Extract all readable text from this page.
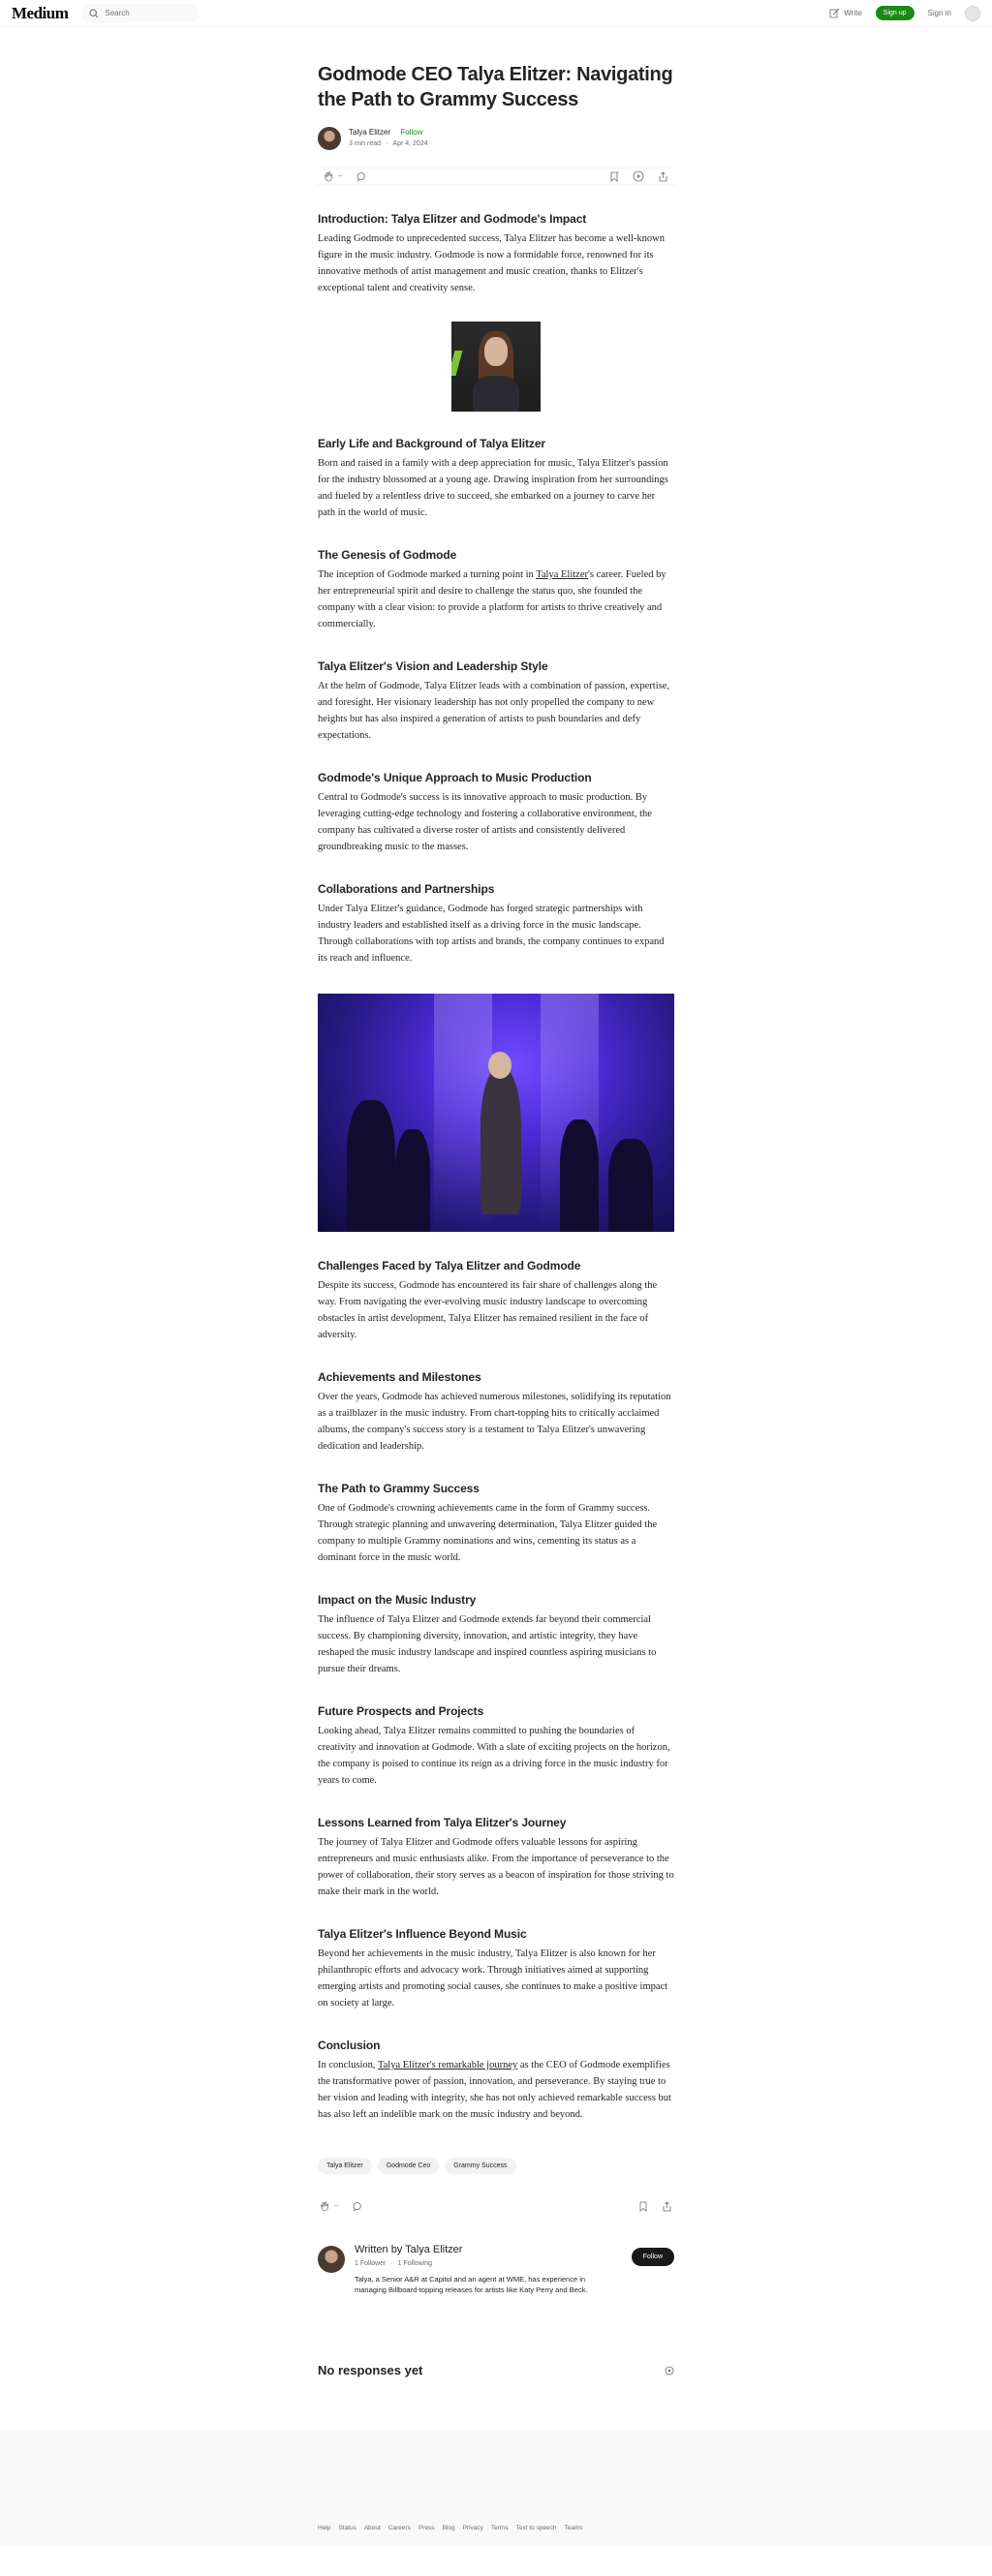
Medium
Search	Write	Sign up	Sign in
Godmode CEO Talya Elitzer: Navigating the Path to Grammy Success
Talya Elitzer Follow
3 min read · Apr 4, 2024
--
Introduction: Talya Elitzer and Godmode's Impact

Leading Godmode to unprecedented success, Talya Elitzer has become a well-known figure in the music industry. Godmode is now a formidable force, renowned for its innovative methods of artist management and music creation, thanks to Elitzer's exceptional talent and creativity sense.

Early Life and Background of Talya Elitzer

Born and raised in a family with a deep appreciation for music, Talya Elitzer's passion for the industry blossomed at a young age. Drawing inspiration from her surroundings and fueled by a relentless drive to succeed, she embarked on a journey to carve her path in the world of music.

The Genesis of Godmode

The inception of Godmode marked a turning point in Talya Elitzer's career. Fueled by her entrepreneurial spirit and desire to challenge the status quo, she founded the company with a clear vision: to provide a platform for artists to thrive creatively and commercially.

Talya Elitzer's Vision and Leadership Style

At the helm of Godmode, Talya Elitzer leads with a combination of passion, expertise, and foresight. Her visionary leadership has not only propelled the company to new heights but has also inspired a generation of artists to push boundaries and defy expectations.

Godmode's Unique Approach to Music Production

Central to Godmode's success is its innovative approach to music production. By leveraging cutting-edge technology and fostering a collaborative environment, the company has cultivated a diverse roster of artists and consistently delivered groundbreaking music to the masses.

Collaborations and Partnerships

Under Talya Elitzer's guidance, Godmode has forged strategic partnerships with industry leaders and established itself as a driving force in the music landscape. Through collaborations with top artists and brands, the company continues to expand its reach and influence.

Challenges Faced by Talya Elitzer and Godmode

Despite its success, Godmode has encountered its fair share of challenges along the way. From navigating the ever-evolving music industry landscape to overcoming obstacles in artist development, Talya Elitzer has remained resilient in the face of adversity.

Achievements and Milestones

Over the years, Godmode has achieved numerous milestones, solidifying its reputation as a trailblazer in the music industry. From chart-topping hits to critically acclaimed albums, the company's success story is a testament to Talya Elitzer's unwavering dedication and leadership.

The Path to Grammy Success

One of Godmode's crowning achievements came in the form of Grammy success. Through strategic planning and unwavering determination, Talya Elitzer guided the company to multiple Grammy nominations and wins, cementing its status as a dominant force in the music world.

Impact on the Music Industry

The influence of Talya Elitzer and Godmode extends far beyond their commercial success. By championing diversity, innovation, and artistic integrity, they have reshaped the music industry landscape and inspired countless aspiring musicians to pursue their dreams.

Future Prospects and Projects

Looking ahead, Talya Elitzer remains committed to pushing the boundaries of creativity and innovation at Godmode. With a slate of exciting projects on the horizon, the company is poised to continue its reign as a driving force in the music industry for years to come.

Lessons Learned from Talya Elitzer's Journey

The journey of Talya Elitzer and Godmode offers valuable lessons for aspiring entrepreneurs and music enthusiasts alike. From the importance of perseverance to the power of collaboration, their story serves as a beacon of inspiration for those striving to make their mark in the world.

Talya Elitzer's Influence Beyond Music

Beyond her achievements in the music industry, Talya Elitzer is also known for her philanthropic efforts and advocacy work. Through initiatives aimed at supporting emerging artists and promoting social causes, she continues to make a positive impact on society at large.

Conclusion

In conclusion, Talya Elitzer's remarkable journey as the CEO of Godmode exemplifies the transformative power of passion, innovation, and perseverance. By staying true to her vision and leading with integrity, she has not only achieved remarkable success but has also left an indelible mark on the music industry and beyond.

Talya Elitzer	Godmode Ceo	Grammy Success
--
Written by Talya Elitzer
1 Follower · 1 Following
Talya, a Senior A&R at Capitol and an agent at WME, has experience in managing Billboard-topping releases for artists like Katy Perry and Beck.
Follow
No responses yet
Help Status About Careers Press Blog Privacy Terms Text to speech Teams
